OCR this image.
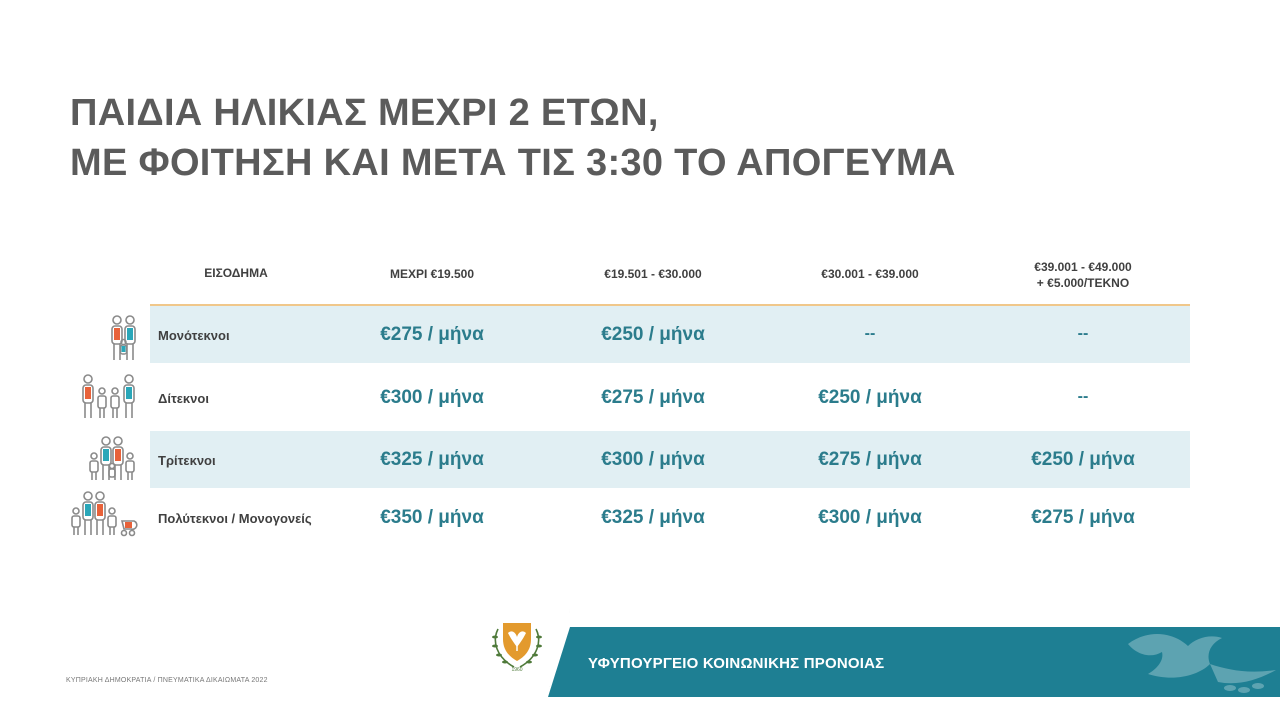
ΠΑΙΔΙΑ ΗΛΙΚΙΑΣ ΜΕΧΡΙ 2 ΕΤΩΝ,
ΜΕ ΦΟΙΤΗΣΗ ΚΑΙ ΜΕΤΑ ΤΙΣ 3:30 ΤΟ ΑΠΟΓΕΥΜΑ
ΕΙΣΟΔΗΜΑ	ΜΕΧΡΙ €19.500	€19.501 - €30.000	€30.001 - €39.000	€39.001 - €49.000
+ €5.000/ΤΕΚΝΟ
Μονότεκνοι	€275 / μήνα	€250 / μήνα	--	--
Δίτεκνοι	€300 / μήνα	€275 / μήνα	€250 / μήνα	--
Τρίτεκνοι	€325 / μήνα	€300 / μήνα	€275 / μήνα	€250 / μήνα
Πολύτεκνοι / Μονογονείς	€350 / μήνα	€325 / μήνα	€300 / μήνα	€275 / μήνα
ΚΥΠΡΙΑΚΗ ΔΗΜΟΚΡΑΤΙΑ / ΠΝΕΥΜΑΤΙΚΑ ΔΙΚΑΙΩΜΑΤΑ 2022
ΥΦΥΠΟΥΡΓΕΙΟ ΚΟΙΝΩΝΙΚΗΣ ΠΡΟΝΟΙΑΣ
1960
